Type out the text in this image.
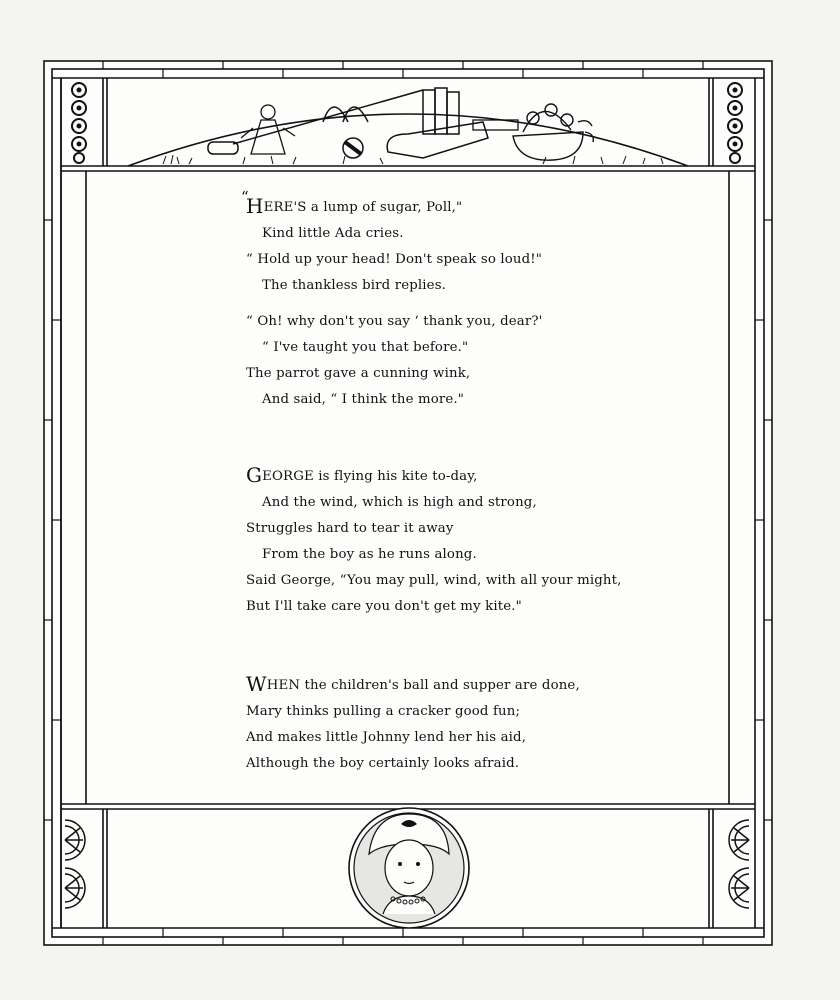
“
HERE'S a lump of sugar, Poll,"
Kind little Ada cries.
“ Hold up your head! Don't speak so loud!"
The thankless bird replies.
“ Oh! why don't you say ‘ thank you, dear?'
“ I've taught you that before."
The parrot gave a cunning wink,
And said, “ I think the more."
GEORGE is flying his kite to-day,
And the wind, which is high and strong,
Struggles hard to tear it away
From the boy as he runs along.
Said George, “You may pull, wind, with all your might,
But I'll take care you don't get my kite."
WHEN the children's ball and supper are done,
Mary thinks pulling a cracker good fun;
And makes little Johnny lend her his aid,
Although the boy certainly looks afraid.
